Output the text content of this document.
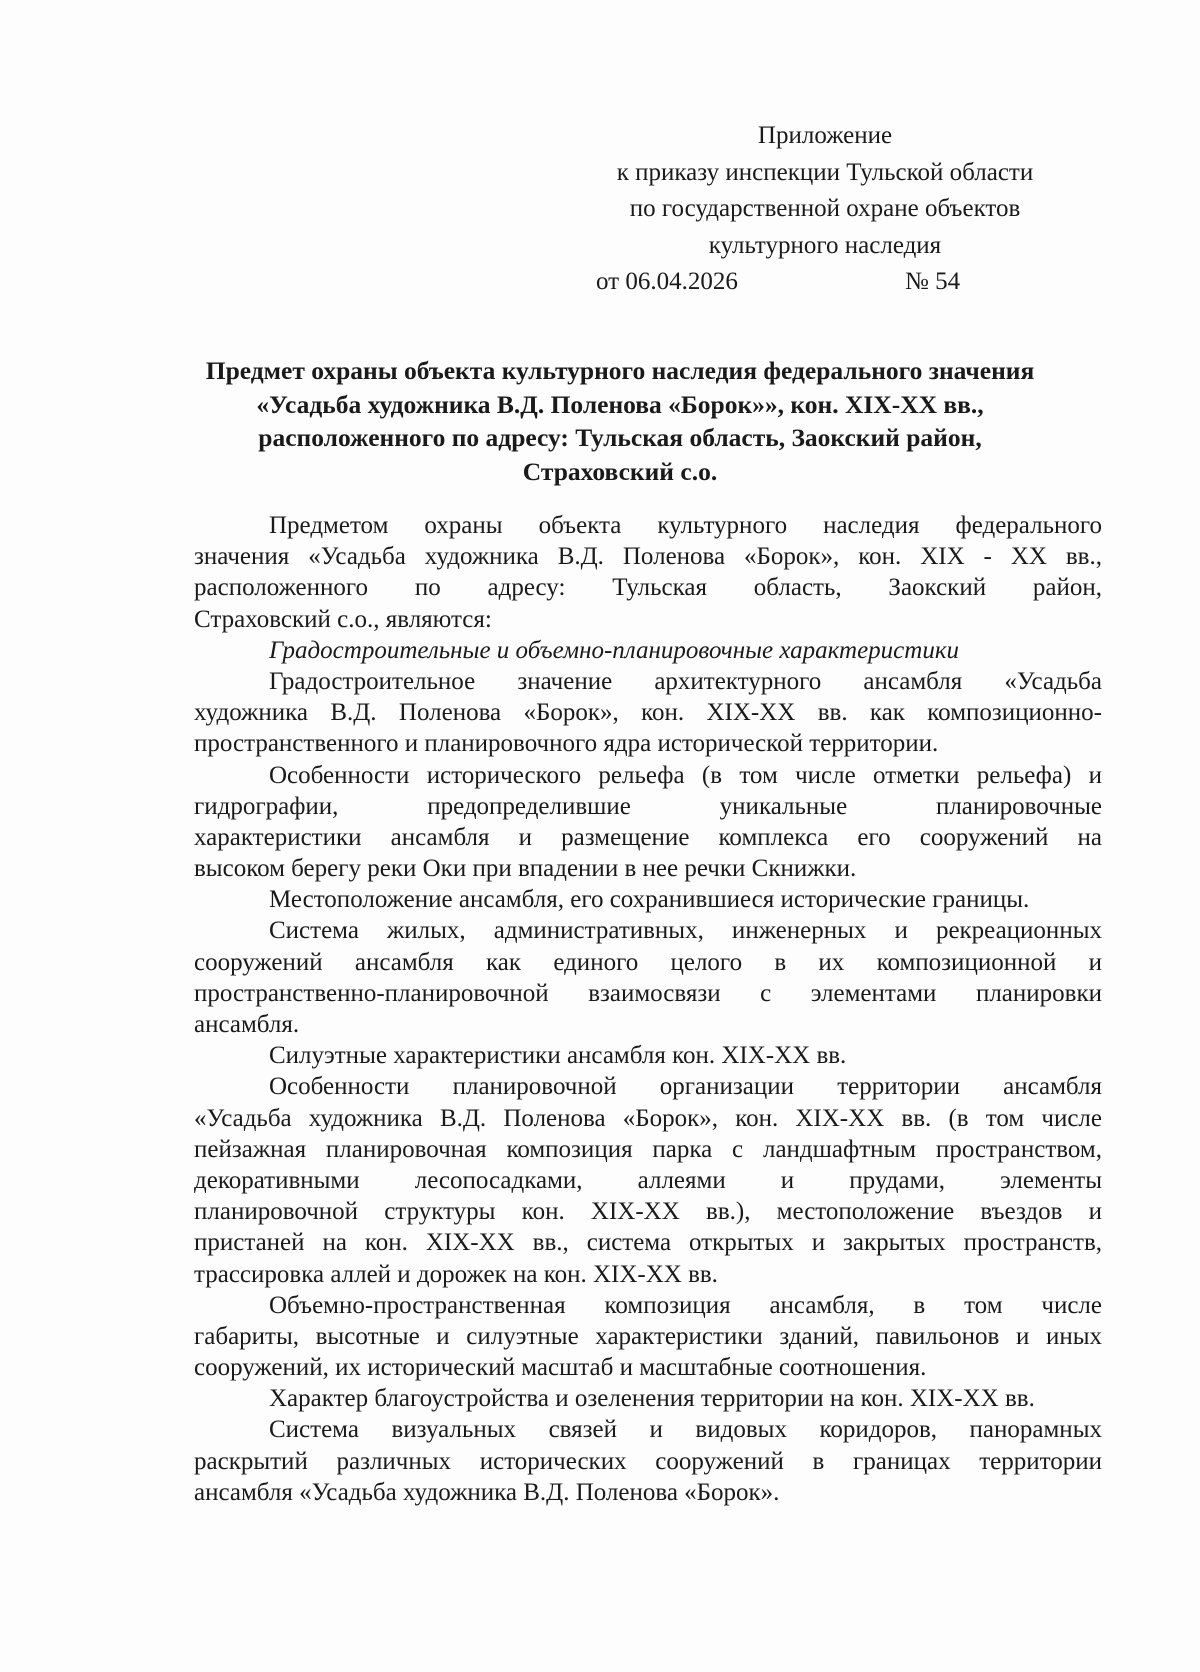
Приложение
к приказу инспекции Тульской области
по государственной охране объектов
культурного наследия
от 06.04.2026	№ 54
Предмет охраны объекта культурного наследия федерального значения
«Усадьба художника В.Д. Поленова «Борок»», кон. XIX-XX вв.,
расположенного по адресу: Тульская область, Заокский район,
Страховский с.о.
Предметом охраны объекта культурного наследия федерального
значения «Усадьба художника В.Д. Поленова «Борок», кон. XIX - XX вв.,
расположенного по адресу: Тульская область, Заокский район,
Страховский с.о., являются:
Градостроительные и объемно-планировочные характеристики
Градостроительное значение архитектурного ансамбля «Усадьба
художника В.Д. Поленова «Борок», кон. XIX-XX вв. как композиционно-
пространственного и планировочного ядра исторической территории.
Особенности исторического рельефа (в том числе отметки рельефа) и
гидрографии, предопределившие уникальные планировочные
характеристики ансамбля и размещение комплекса его сооружений на
высоком берегу реки Оки при впадении в нее речки Скнижки.
Местоположение ансамбля, его сохранившиеся исторические границы.
Система жилых, административных, инженерных и рекреационных
сооружений ансамбля как единого целого в их композиционной и
пространственно-планировочной взаимосвязи с элементами планировки
ансамбля.
Силуэтные характеристики ансамбля кон. XIX-XX вв.
Особенности планировочной организации территории ансамбля
«Усадьба художника В.Д. Поленова «Борок», кон. XIX-XX вв. (в том числе
пейзажная планировочная композиция парка с ландшафтным пространством,
декоративными лесопосадками, аллеями и прудами, элементы
планировочной структуры кон. XIX-XX вв.), местоположение въездов и
пристаней на кон. XIX-XX вв., система открытых и закрытых пространств,
трассировка аллей и дорожек на кон. XIX-XX вв.
Объемно-пространственная композиция ансамбля, в том числе
габариты, высотные и силуэтные характеристики зданий, павильонов и иных
сооружений, их исторический масштаб и масштабные соотношения.
Характер благоустройства и озеленения территории на кон. XIX-XX вв.
Система визуальных связей и видовых коридоров, панорамных
раскрытий различных исторических сооружений в границах территории
ансамбля «Усадьба художника В.Д. Поленова «Борок».
